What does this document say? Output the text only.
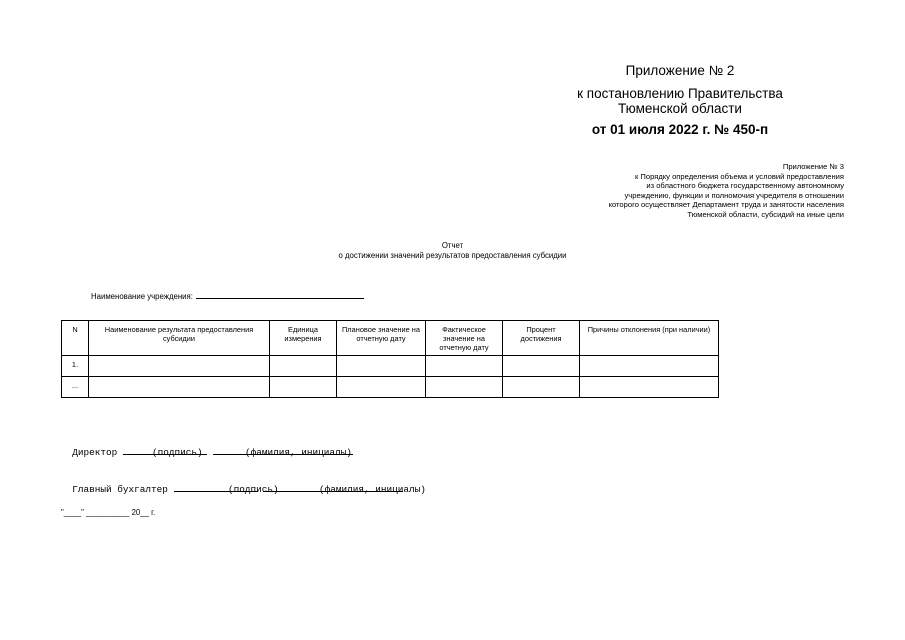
Приложение № 2
к постановлению Правительства
Тюменской области
от 01 июля 2022 г. № 450-п
Приложение № 3
к Порядку определения объема и условий предоставления
из областного бюджета государственному автономному
учреждению, функции и полномочия учредителя в отношении
которого осуществляет Департамент труда и занятости населения
Тюменской области, субсидий на иные цели
Отчет
о достижении значений результатов предоставления субсидии
Наименование учреждения:
N	Наименование результата предоставления субсидии	Единица измерения	Плановое значение на отчетную дату	Фактическое значение на отчетную дату	Процент достижения	Причины отклонения (при наличии)
1.						
...						

Директор	(подпись)	(фамилия, инициалы)

Главный бухгалтер	(подпись)	(фамилия, инициалы)
"____" __________ 20__ г.
